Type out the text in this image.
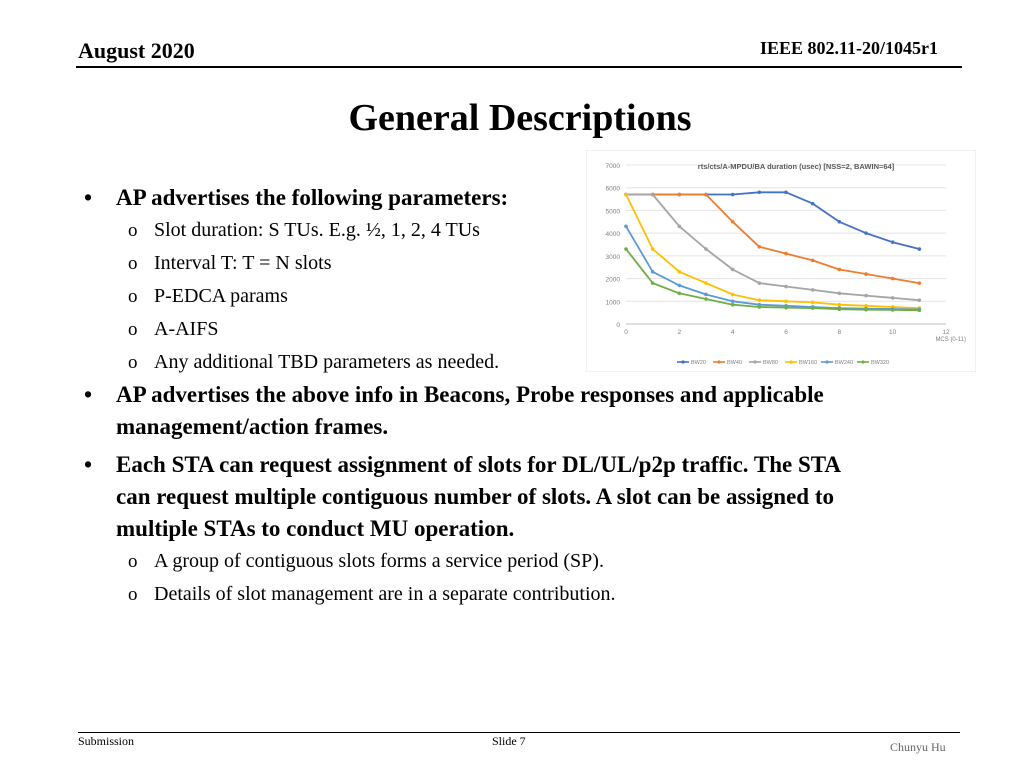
August 2020	IEEE 802.11-20/1045r1
General Descriptions
0
1000
2000
3000
4000
5000
6000
7000
0	2	4	6	8	10	12
rts/cts/A-MPDU/BA duration (usec) [NSS=2, BAWIN=64]
MCS (0-11)
BW20	BW40	BW80	BW160	BW240	BW320
• AP advertises the following parameters:
o Slot duration: S TUs. E.g. ½, 1, 2, 4 TUs
o Interval T: T = N slots
o P-EDCA params
o A-AIFS
o Any additional TBD parameters as needed.
• AP advertises the above info in Beacons, Probe responses and applicable
management/action frames.
• Each STA can request assignment of slots for DL/UL/p2p traffic. The STA
can request multiple contiguous number of slots. A slot can be assigned to
multiple STAs to conduct MU operation.
o A group of contiguous slots forms a service period (SP).
o Details of slot management are in a separate contribution.
Submission	Slide 7	Chunyu Hu
